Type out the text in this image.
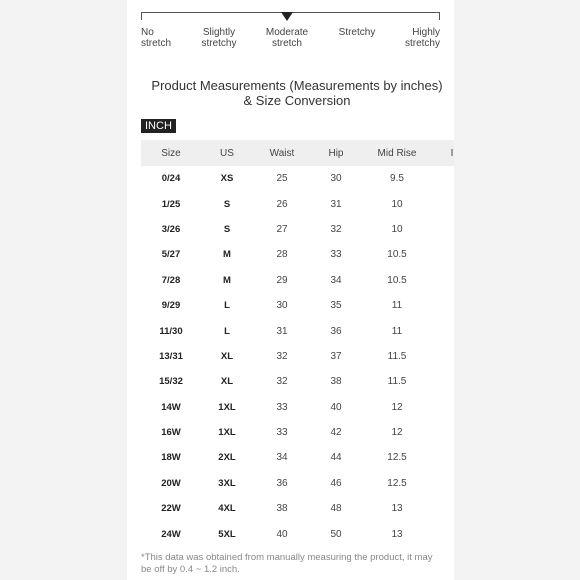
No
stretch
Slightly
stretchy
Moderate
stretch
Stretchy	Highly
stretchy
Product Measurements (Measurements by inches) & Size Conversion
INCH
Size	US	Waist	Hip	Mid Rise	I
0/24	XS	25	30	9.5	
1/25	S	26	31	10	
3/26	S	27	32	10	
5/27	M	28	33	10.5	
7/28	M	29	34	10.5	
9/29	L	30	35	11	
11/30	L	31	36	11	
13/31	XL	32	37	11.5	
15/32	XL	32	38	11.5	
14W	1XL	33	40	12	
16W	1XL	33	42	12	
18W	2XL	34	44	12.5	
20W	3XL	36	46	12.5	
22W	4XL	38	48	13	
24W	5XL	40	50	13	
*This data was obtained from manually measuring the product, it may be off by 0.4 ~ 1.2 inch.
